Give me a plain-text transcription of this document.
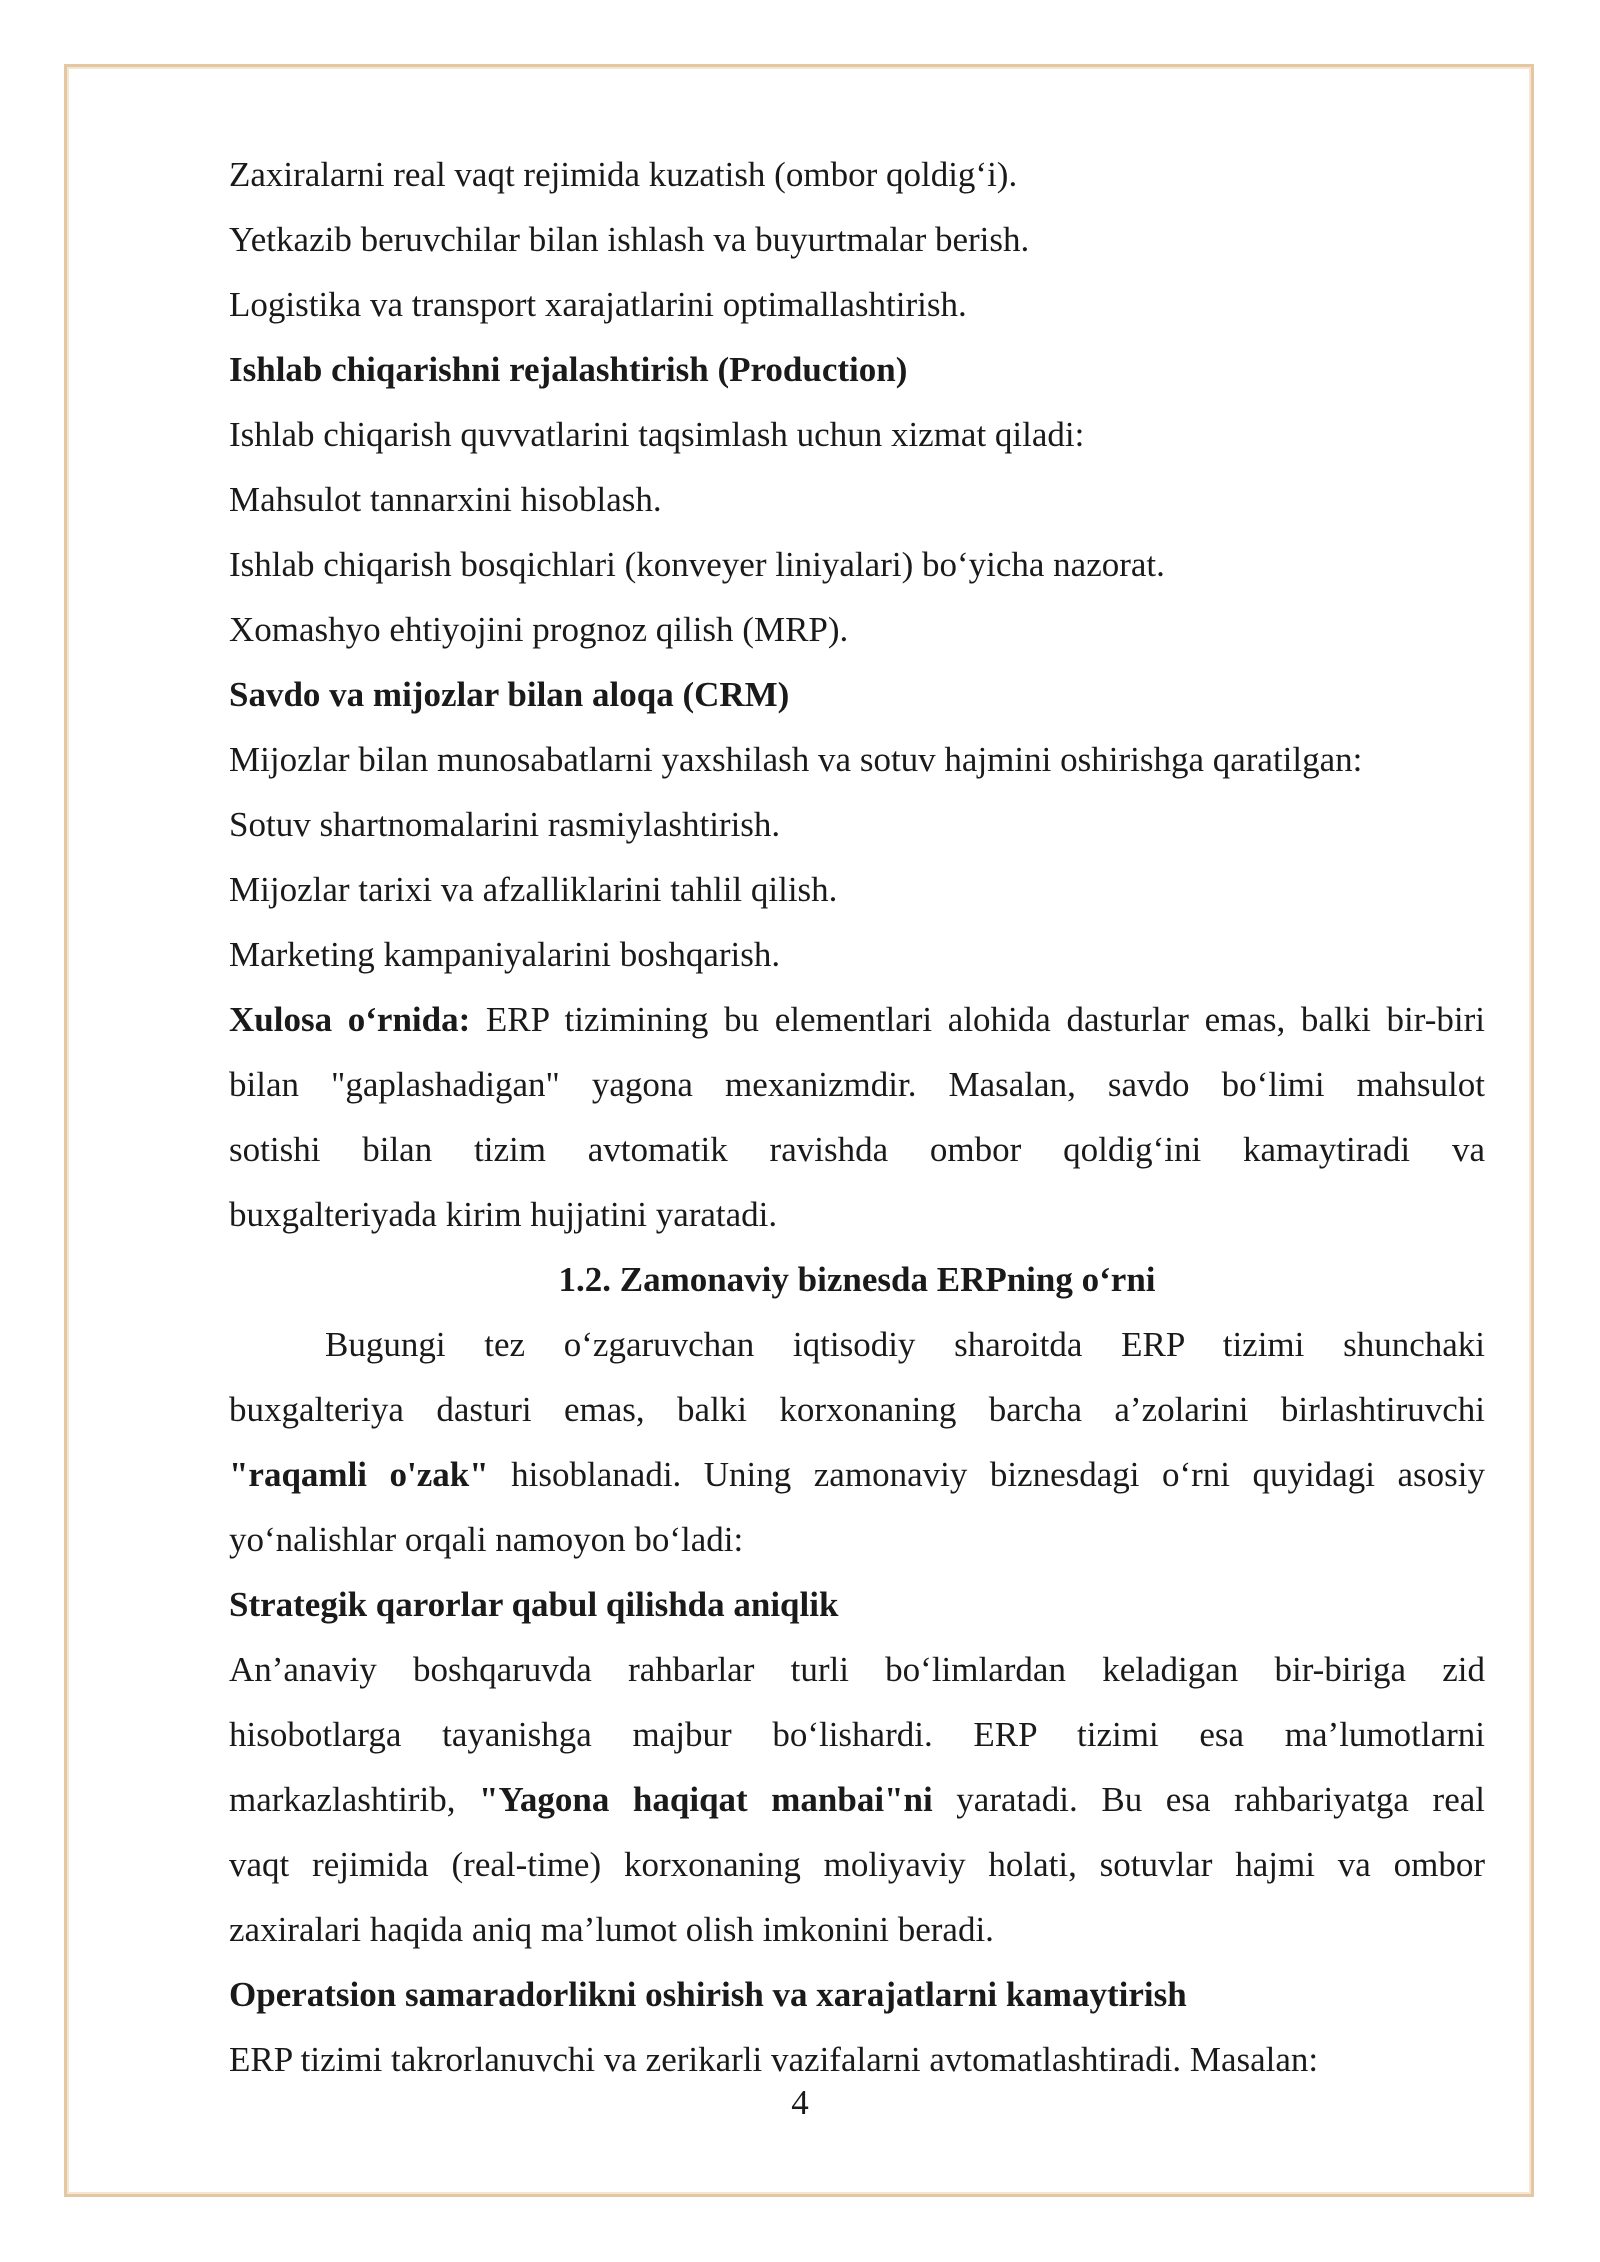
Zaxiralarni real vaqt rejimida kuzatish (ombor qoldig‘i).

Yetkazib beruvchilar bilan ishlash va buyurtmalar berish.

Logistika va transport xarajatlarini optimallashtirish.

Ishlab chiqarishni rejalashtirish (Production)

Ishlab chiqarish quvvatlarini taqsimlash uchun xizmat qiladi:

Mahsulot tannarxini hisoblash.

Ishlab chiqarish bosqichlari (konveyer liniyalari) bo‘yicha nazorat.

Xomashyo ehtiyojini prognoz qilish (MRP).

Savdo va mijozlar bilan aloqa (CRM)

Mijozlar bilan munosabatlarni yaxshilash va sotuv hajmini oshirishga qaratilgan:

Sotuv shartnomalarini rasmiylashtirish.

Mijozlar tarixi va afzalliklarini tahlil qilish.

Marketing kampaniyalarini boshqarish.

Xulosa o‘rnida: ERP tizimining bu elementlari alohida dasturlar emas, balki bir-biri
bilan "gaplashadigan" yagona mexanizmdir. Masalan, savdo bo‘limi mahsulot
sotishi bilan tizim avtomatik ravishda ombor qoldig‘ini kamaytiradi va
buxgalteriyada kirim hujjatini yaratadi.

1.2. Zamonaviy biznesda ERPning o‘rni

Bugungi tez o‘zgaruvchan iqtisodiy sharoitda ERP tizimi shunchaki
buxgalteriya dasturi emas, balki korxonaning barcha a’zolarini birlashtiruvchi
"raqamli o'zak" hisoblanadi. Uning zamonaviy biznesdagi o‘rni quyidagi asosiy
yo‘nalishlar orqali namoyon bo‘ladi:

Strategik qarorlar qabul qilishda aniqlik

An’anaviy boshqaruvda rahbarlar turli bo‘limlardan keladigan bir-biriga zid
hisobotlarga tayanishga majbur bo‘lishardi. ERP tizimi esa ma’lumotlarni
markazlashtirib, "Yagona haqiqat manbai"ni yaratadi. Bu esa rahbariyatga real
vaqt rejimida (real-time) korxonaning moliyaviy holati, sotuvlar hajmi va ombor
zaxiralari haqida aniq ma’lumot olish imkonini beradi.

Operatsion samaradorlikni oshirish va xarajatlarni kamaytirish

ERP tizimi takrorlanuvchi va zerikarli vazifalarni avtomatlashtiradi. Masalan:

4
